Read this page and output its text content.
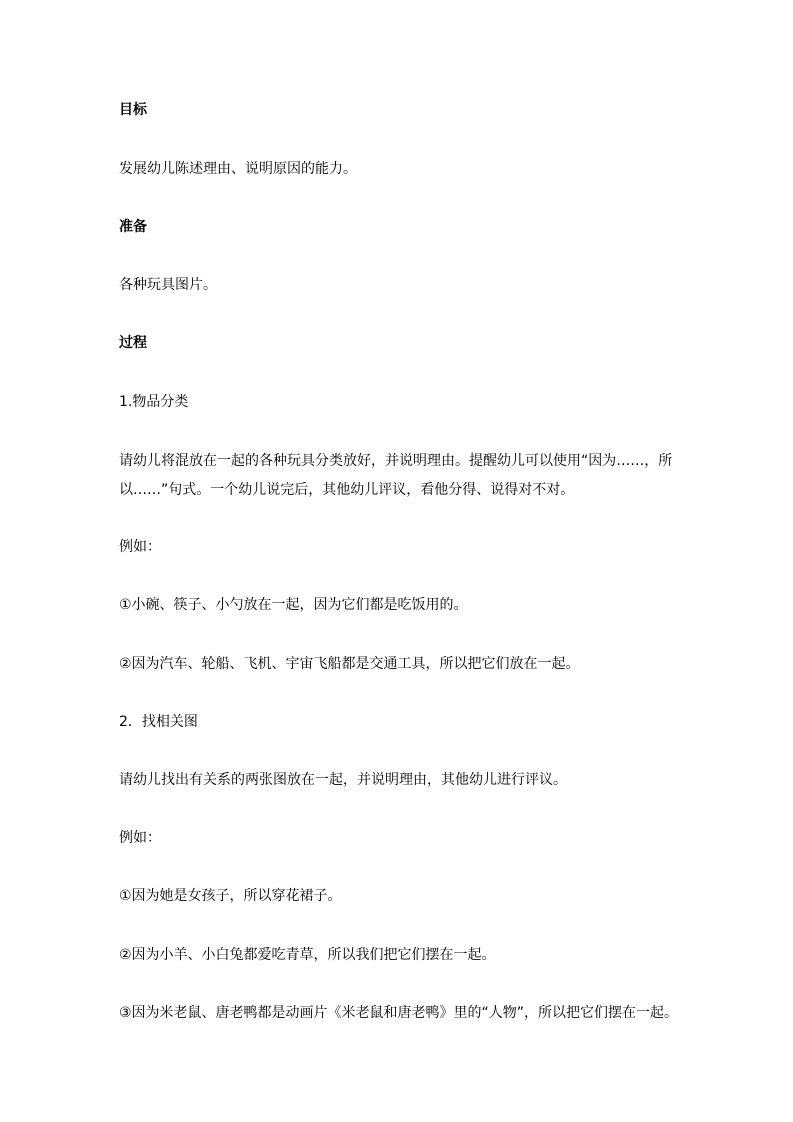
目标
发展幼儿陈述理由、说明原因的能力。
准备
各种玩具图片。
过程
1.物品分类
请幼儿将混放在一起的各种玩具分类放好，并说明理由。提醒幼儿可以使用“因为……，所
以……”句式。一个幼儿说完后，其他幼儿评议，看他分得、说得对不对。
例如：
①小碗、筷子、小勺放在一起，因为它们都是吃饭用的。
②因为汽车、轮船、飞机、宇宙飞船都是交通工具，所以把它们放在一起。
2．找相关图
请幼儿找出有关系的两张图放在一起，并说明理由，其他幼儿进行评议。
例如：
①因为她是女孩子，所以穿花裙子。
②因为小羊、小白兔都爱吃青草，所以我们把它们摆在一起。
③因为米老鼠、唐老鸭都是动画片《米老鼠和唐老鸭》里的“人物”，所以把它们摆在一起。
